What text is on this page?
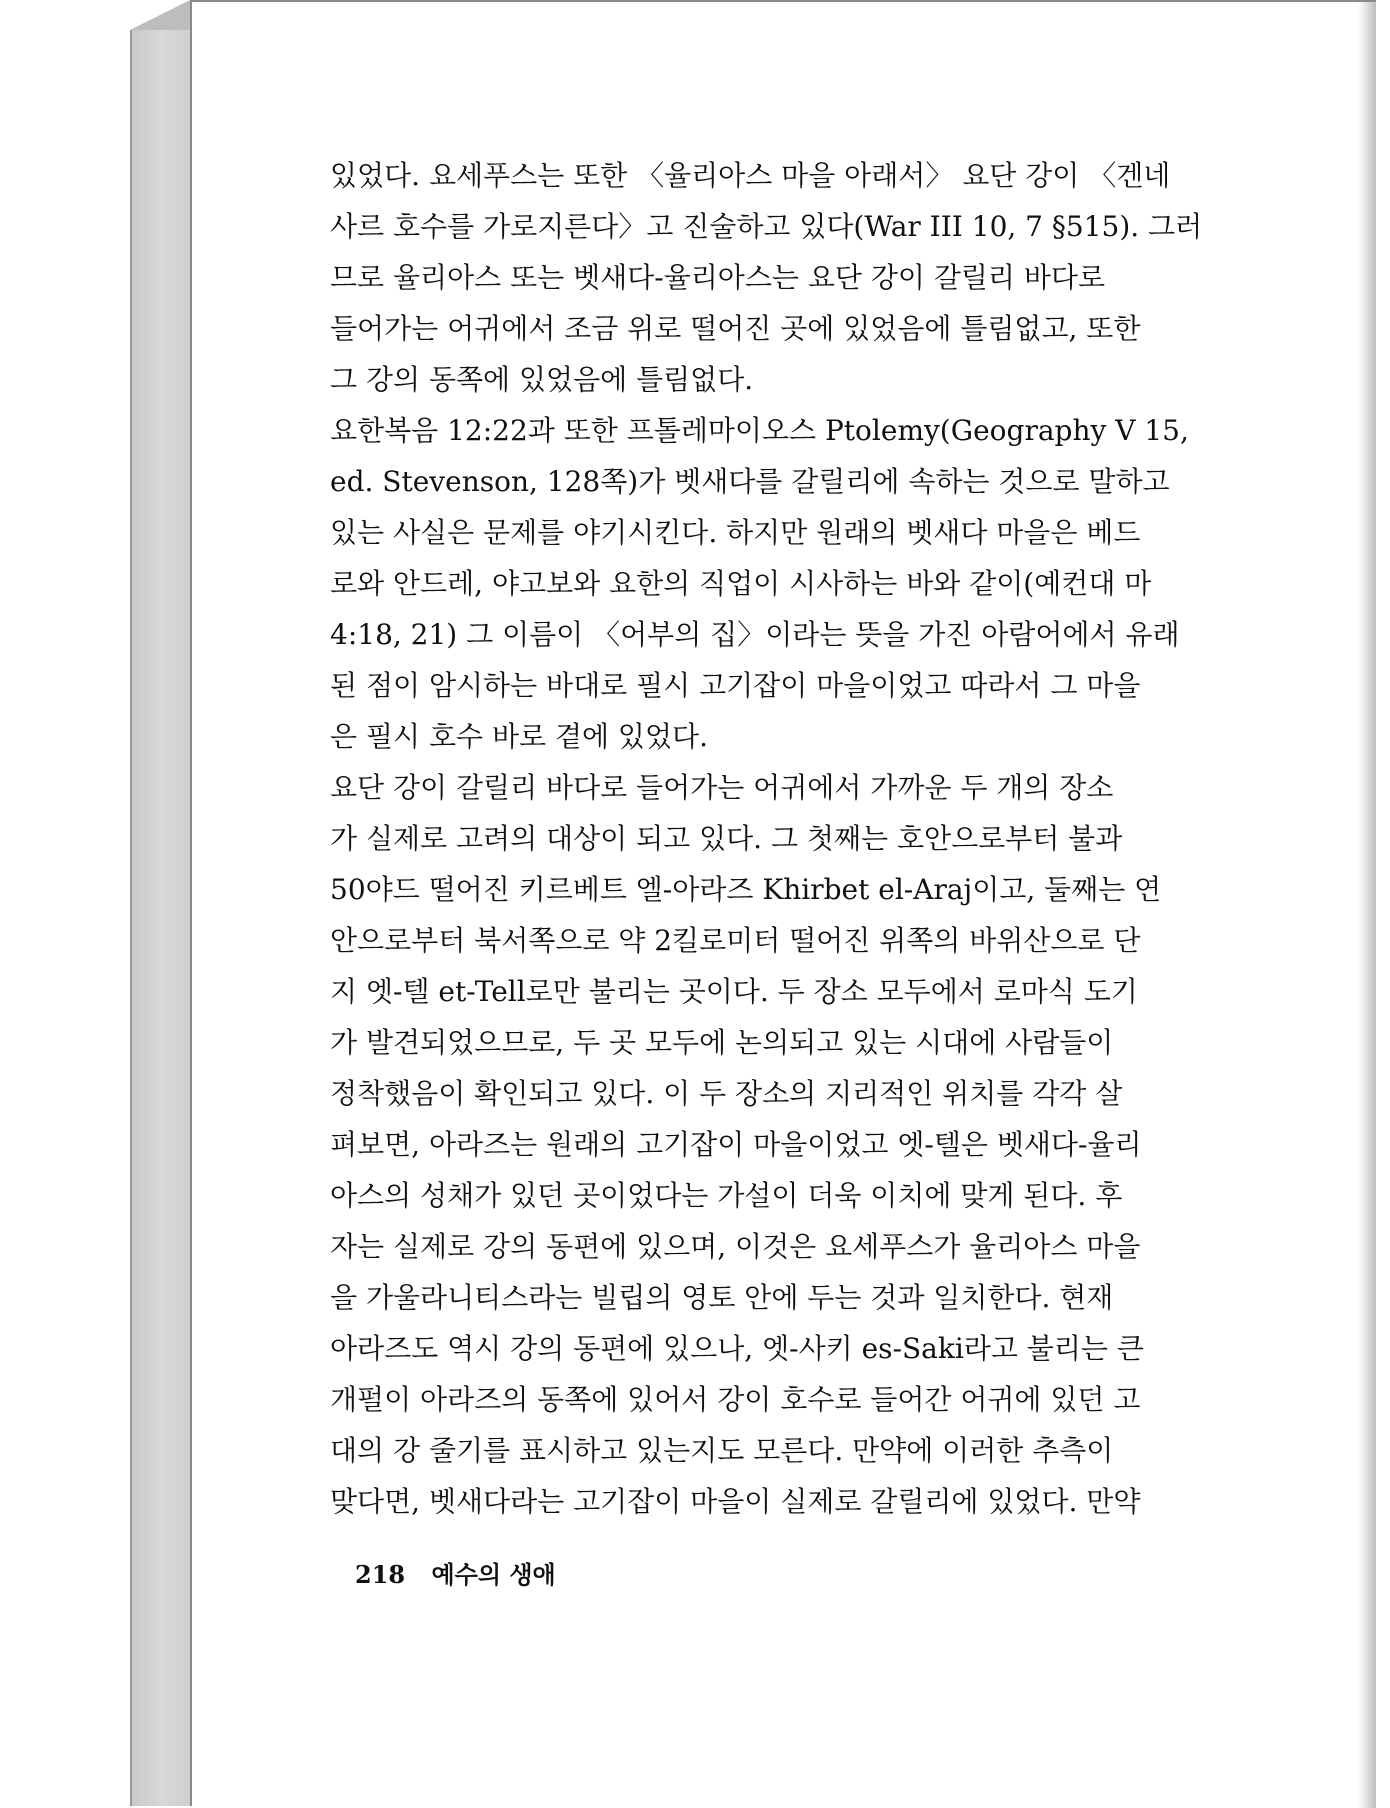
있었다. 요세푸스는 또한 〈율리아스 마을 아래서〉 요단 강이 〈겐네
사르 호수를 가로지른다〉고 진술하고 있다(War III 10, 7 §515). 그러
므로 율리아스 또는 벳새다-율리아스는 요단 강이 갈릴리 바다로
들어가는 어귀에서 조금 위로 떨어진 곳에 있었음에 틀림없고, 또한
그 강의 동쪽에 있었음에 틀림없다.
요한복음 12:22과 또한 프톨레마이오스 Ptolemy(Geography V 15,
ed. Stevenson, 128쪽)가 벳새다를 갈릴리에 속하는 것으로 말하고
있는 사실은 문제를 야기시킨다. 하지만 원래의 벳새다 마을은 베드
로와 안드레, 야고보와 요한의 직업이 시사하는 바와 같이(예컨대 마
4:18, 21) 그 이름이 〈어부의 집〉이라는 뜻을 가진 아람어에서 유래
된 점이 암시하는 바대로 필시 고기잡이 마을이었고 따라서 그 마을
은 필시 호수 바로 곁에 있었다.
요단 강이 갈릴리 바다로 들어가는 어귀에서 가까운 두 개의 장소
가 실제로 고려의 대상이 되고 있다. 그 첫째는 호안으로부터 불과
50야드 떨어진 키르베트 엘-아라즈 Khirbet el-Araj이고, 둘째는 연
안으로부터 북서쪽으로 약 2킬로미터 떨어진 위쪽의 바위산으로 단
지 엣-텔 et-Tell로만 불리는 곳이다. 두 장소 모두에서 로마식 도기
가 발견되었으므로, 두 곳 모두에 논의되고 있는 시대에 사람들이
정착했음이 확인되고 있다. 이 두 장소의 지리적인 위치를 각각 살
펴보면, 아라즈는 원래의 고기잡이 마을이었고 엣-텔은 벳새다-율리
아스의 성채가 있던 곳이었다는 가설이 더욱 이치에 맞게 된다. 후
자는 실제로 강의 동편에 있으며, 이것은 요세푸스가 율리아스 마을
을 가울라니티스라는 빌립의 영토 안에 두는 것과 일치한다. 현재
아라즈도 역시 강의 동편에 있으나, 엣-사키 es-Saki라고 불리는 큰
개펄이 아라즈의 동쪽에 있어서 강이 호수로 들어간 어귀에 있던 고
대의 강 줄기를 표시하고 있는지도 모른다. 만약에 이러한 추측이
맞다면, 벳새다라는 고기잡이 마을이 실제로 갈릴리에 있었다. 만약
218 예수의 생애
